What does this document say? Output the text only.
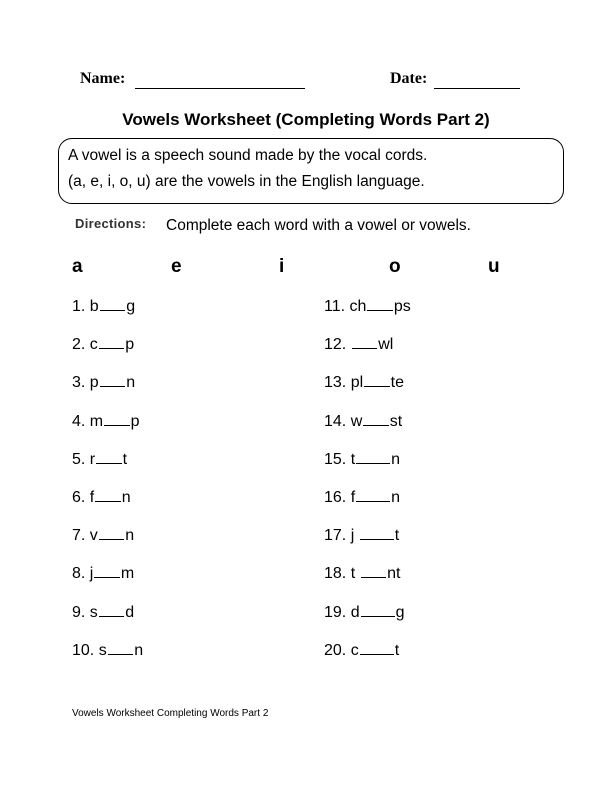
Name:	Date:
Vowels Worksheet (Completing Words Part 2)
A vowel is a speech sound made by the vocal cords.
(a, e, i, o, u) are the vowels in the English language.
Directions: Complete each word with a vowel or vowels.
a	e	i	o	u
1. b g
2. c p
3. p n
4. m p
5. r t
6. f n
7. v n
8. j m
9. s d
10. s n
11. ch ps
12. wl
13. pl te
14. w st
15. t n
16. f n
17. j t
18. t nt
19. d g
20. c t
Vowels Worksheet Completing Words Part 2
